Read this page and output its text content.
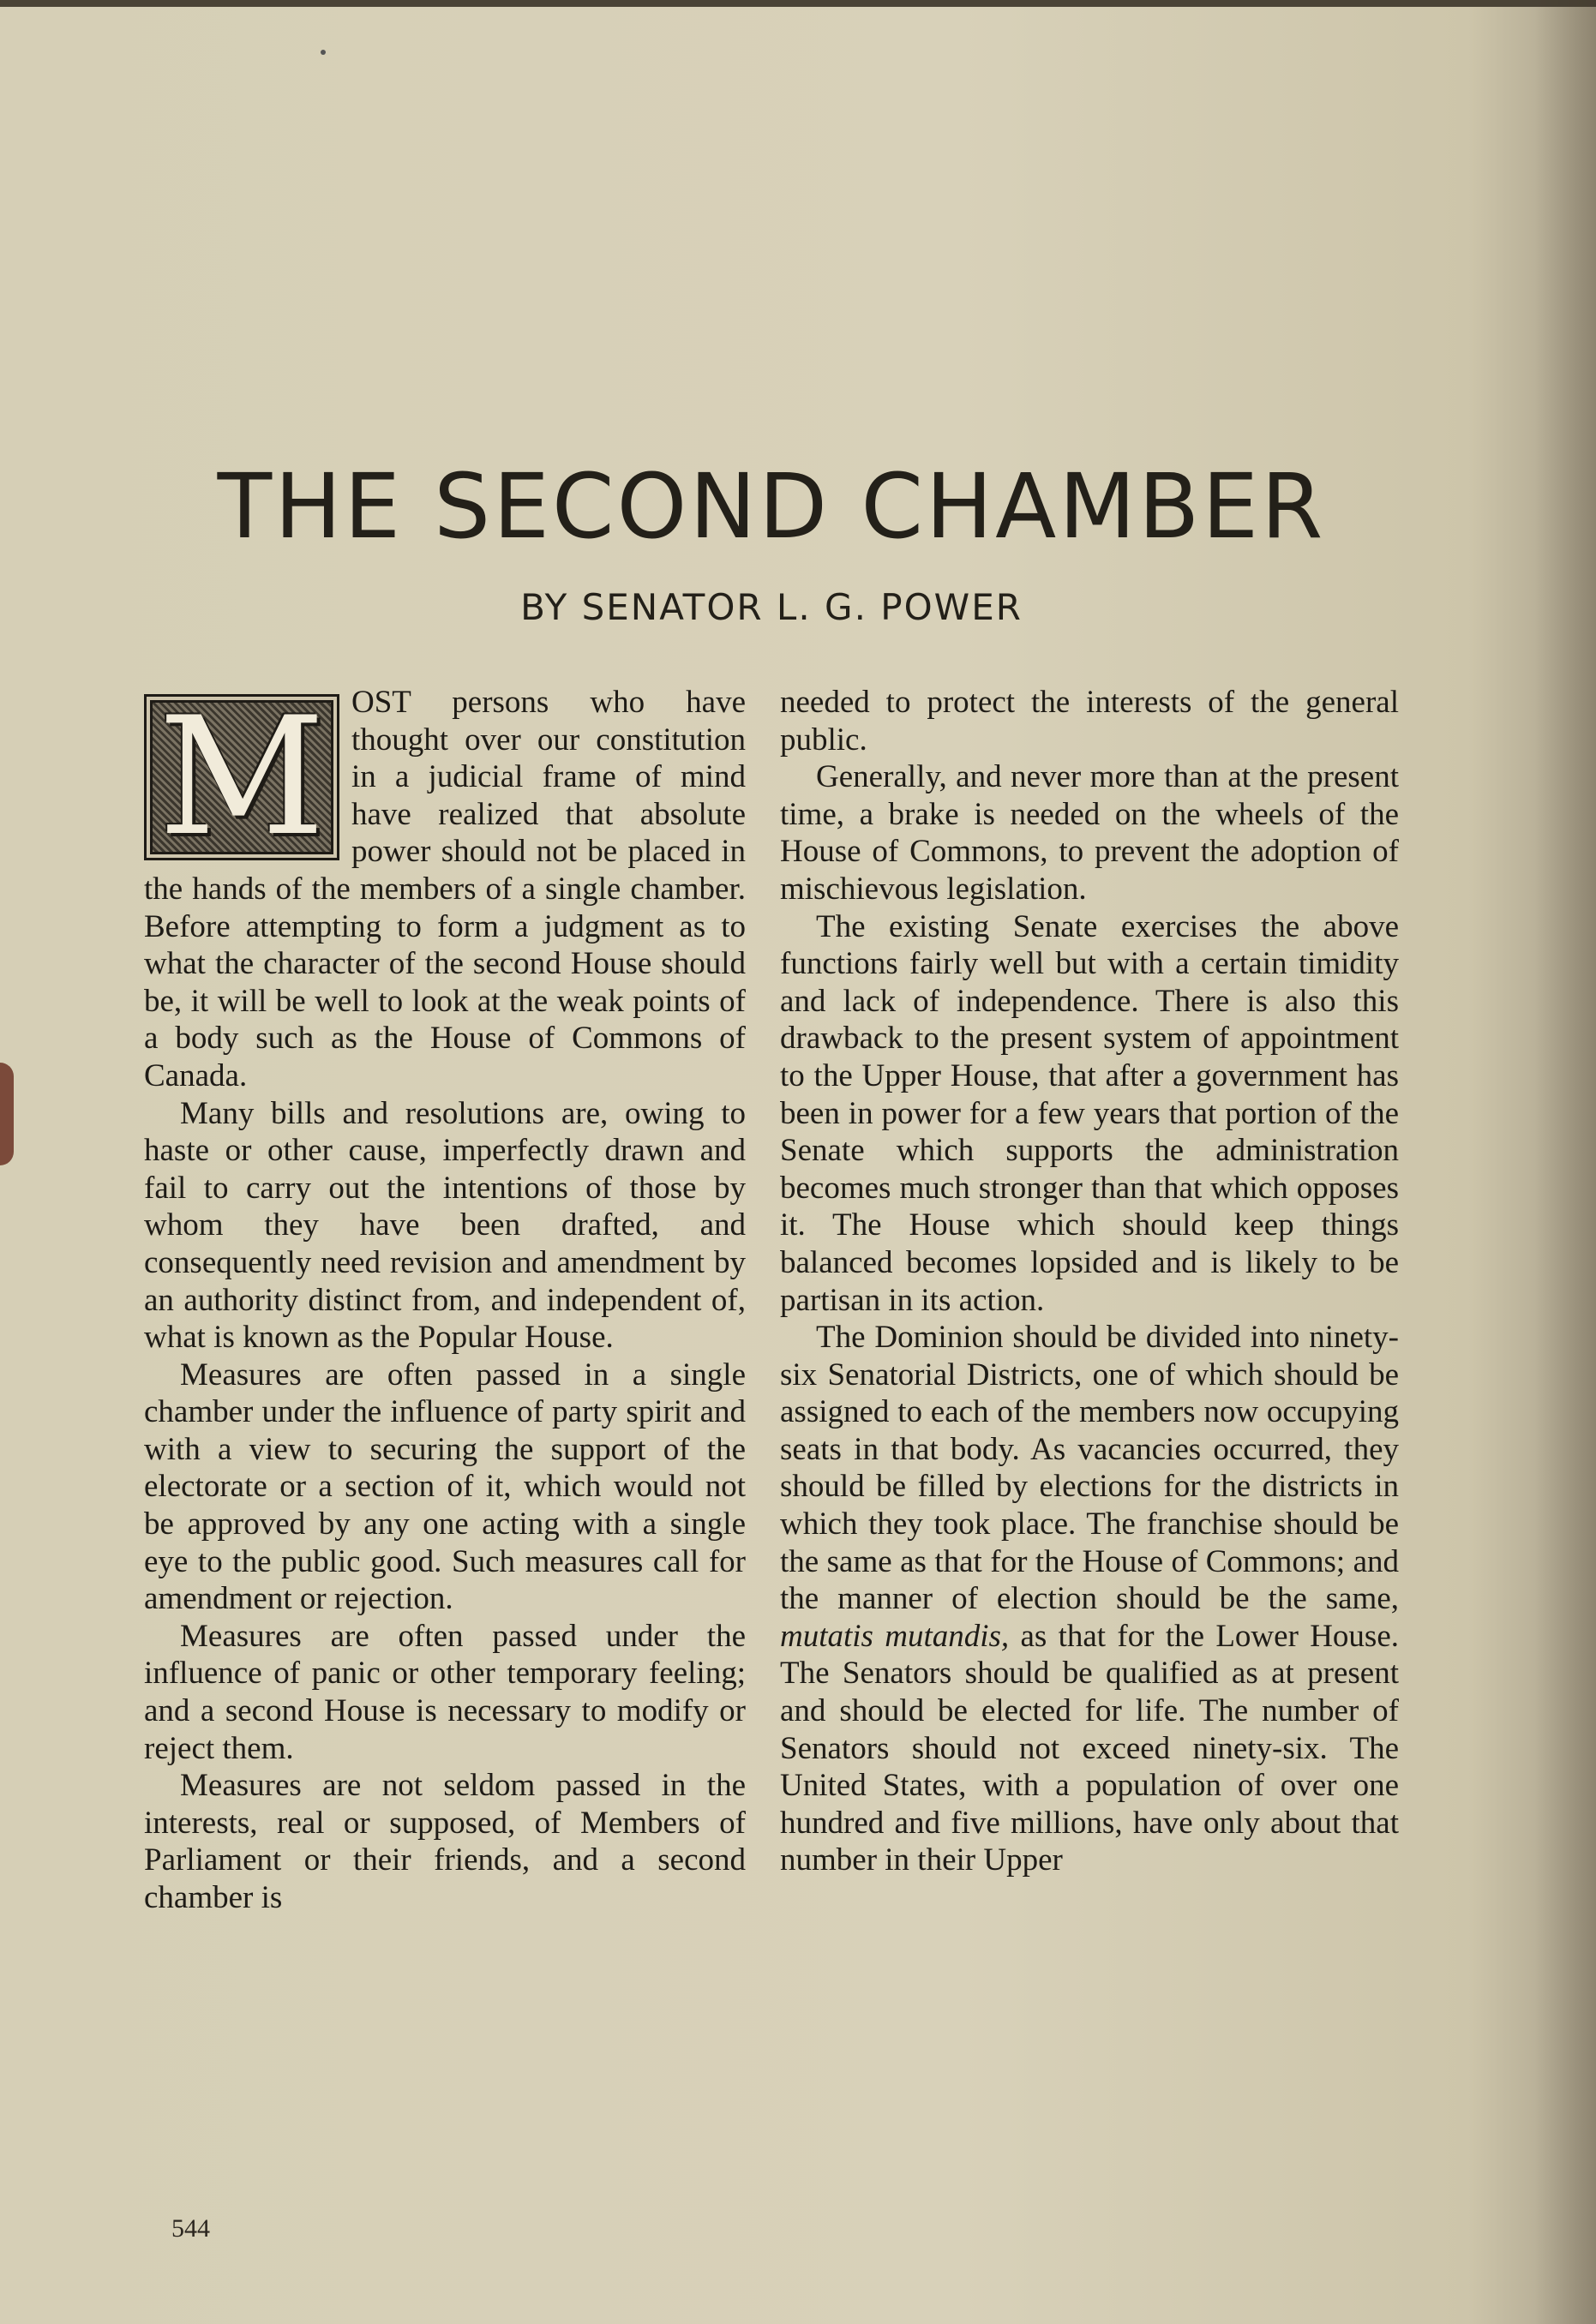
THE SECOND CHAMBER
BY SENATOR L. G. POWER

M OST persons who have thought over our constitution in a judicial frame of mind have realized that absolute power should not be placed in the hands of the members of a single chamber. Before attempting to form a judgment as to what the character of the second House should be, it will be well to look at the weak points of a body such as the House of Commons of Canada.

Many bills and resolutions are, owing to haste or other cause, imperfectly drawn and fail to carry out the intentions of those by whom they have been drafted, and consequently need revision and amendment by an authority distinct from, and independent of, what is known as the Popular House.

Measures are often passed in a single chamber under the influence of party spirit and with a view to securing the support of the electorate or a section of it, which would not be approved by any one acting with a single eye to the public good. Such measures call for amendment or rejection.

Measures are often passed under the influence of panic or other temporary feeling; and a second House is necessary to modify or reject them.

Measures are not seldom passed in the interests, real or supposed, of Members of Parliament or their friends, and a second chamber is

needed to protect the interests of the general public.

Generally, and never more than at the present time, a brake is needed on the wheels of the House of Commons, to prevent the adoption of mischievous legislation.

The existing Senate exercises the above functions fairly well but with a certain timidity and lack of independence. There is also this drawback to the present system of appointment to the Upper House, that after a government has been in power for a few years that portion of the Senate which supports the administration becomes much stronger than that which opposes it. The House which should keep things balanced becomes lopsided and is likely to be partisan in its action.

The Dominion should be divided into ninety-six Senatorial Districts, one of which should be assigned to each of the members now occupying seats in that body. As vacancies occurred, they should be filled by elections for the districts in which they took place. The franchise should be the same as that for the House of Commons; and the manner of election should be the same, mutatis mutandis, as that for the Lower House. The Senators should be qualified as at present and should be elected for life. The number of Senators should not exceed ninety-six. The United States, with a population of over one hundred and five millions, have only about that number in their Upper

544
